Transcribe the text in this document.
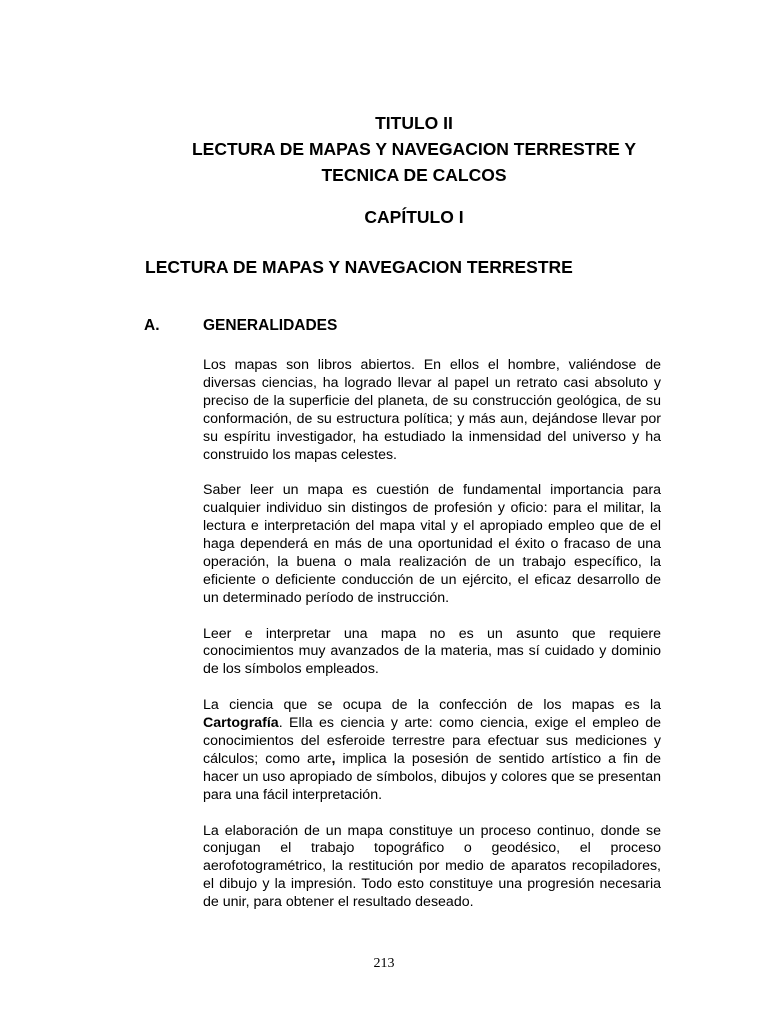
TITULO II
LECTURA DE MAPAS Y NAVEGACION TERRESTRE Y
TECNICA DE CALCOS
CAPÍTULO I
LECTURA DE MAPAS Y NAVEGACION TERRESTRE
A.	GENERALIDADES

Los mapas son libros abiertos. En ellos el hombre, valiéndose de diversas ciencias, ha logrado llevar al papel un retrato casi absoluto y preciso de la superficie del planeta, de su construcción geológica, de su conformación, de su estructura política; y más aun, dejándose llevar por su espíritu investigador, ha estudiado la inmensidad del universo y ha construido los mapas celestes.

Saber leer un mapa es cuestión de fundamental importancia para cualquier individuo sin distingos de profesión y oficio: para el militar, la lectura e interpretación del mapa vital y el apropiado empleo que de el haga dependerá en más de una oportunidad el éxito o fracaso de una operación, la buena o mala realización de un trabajo específico, la eficiente o deficiente conducción de un ejército, el eficaz desarrollo de un determinado período de instrucción.

Leer e interpretar una mapa no es un asunto que requiere conocimientos muy avanzados de la materia, mas sí cuidado y dominio de los símbolos empleados.

La ciencia que se ocupa de la confección de los mapas es la Cartografía. Ella es ciencia y arte: como ciencia, exige el empleo de conocimientos del esferoide terrestre para efectuar sus mediciones y cálculos; como arte, implica la posesión de sentido artístico a fin de hacer un uso apropiado de símbolos, dibujos y colores que se presentan para una fácil interpretación.

La elaboración de un mapa constituye un proceso continuo, donde se conjugan el trabajo topográfico o geodésico, el proceso aerofotogramétrico, la restitución por medio de aparatos recopiladores, el dibujo y la impresión. Todo esto constituye una progresión necesaria de unir, para obtener el resultado deseado.

213
